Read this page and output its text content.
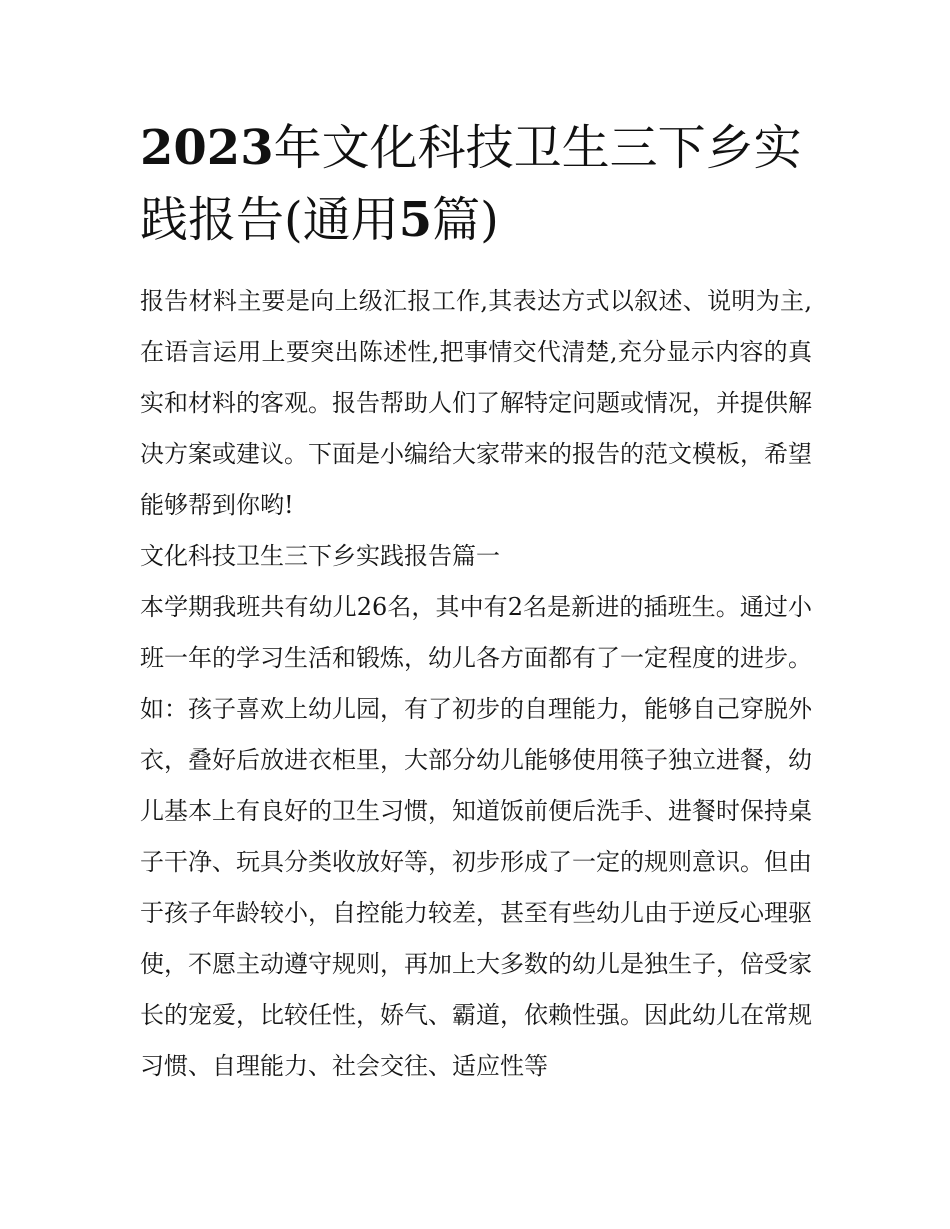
2023年文化科技卫生三下乡实
践报告(通用5篇)

报告材料主要是向上级汇报工作,其表达方式以叙述、说明为主,在语言运用上要突出陈述性,把事情交代清楚,充分显示内容的真实和材料的客观。报告帮助人们了解特定问题或情况，并提供解决方案或建议。下面是小编给大家带来的报告的范文模板，希望能够帮到你哟!

文化科技卫生三下乡实践报告篇一

本学期我班共有幼儿26名，其中有2名是新进的插班生。通过小班一年的学习生活和锻炼，幼儿各方面都有了一定程度的进步。如：孩子喜欢上幼儿园，有了初步的自理能力，能够自己穿脱外衣，叠好后放进衣柜里，大部分幼儿能够使用筷子独立进餐，幼儿基本上有良好的卫生习惯，知道饭前便后洗手、进餐时保持桌子干净、玩具分类收放好等，初步形成了一定的规则意识。但由于孩子年龄较小，自控能力较差，甚至有些幼儿由于逆反心理驱使，不愿主动遵守规则，再加上大多数的幼儿是独生子，倍受家长的宠爱，比较任性，娇气、霸道，依赖性强。因此幼儿在常规习惯、自理能力、社会交往、适应性等
